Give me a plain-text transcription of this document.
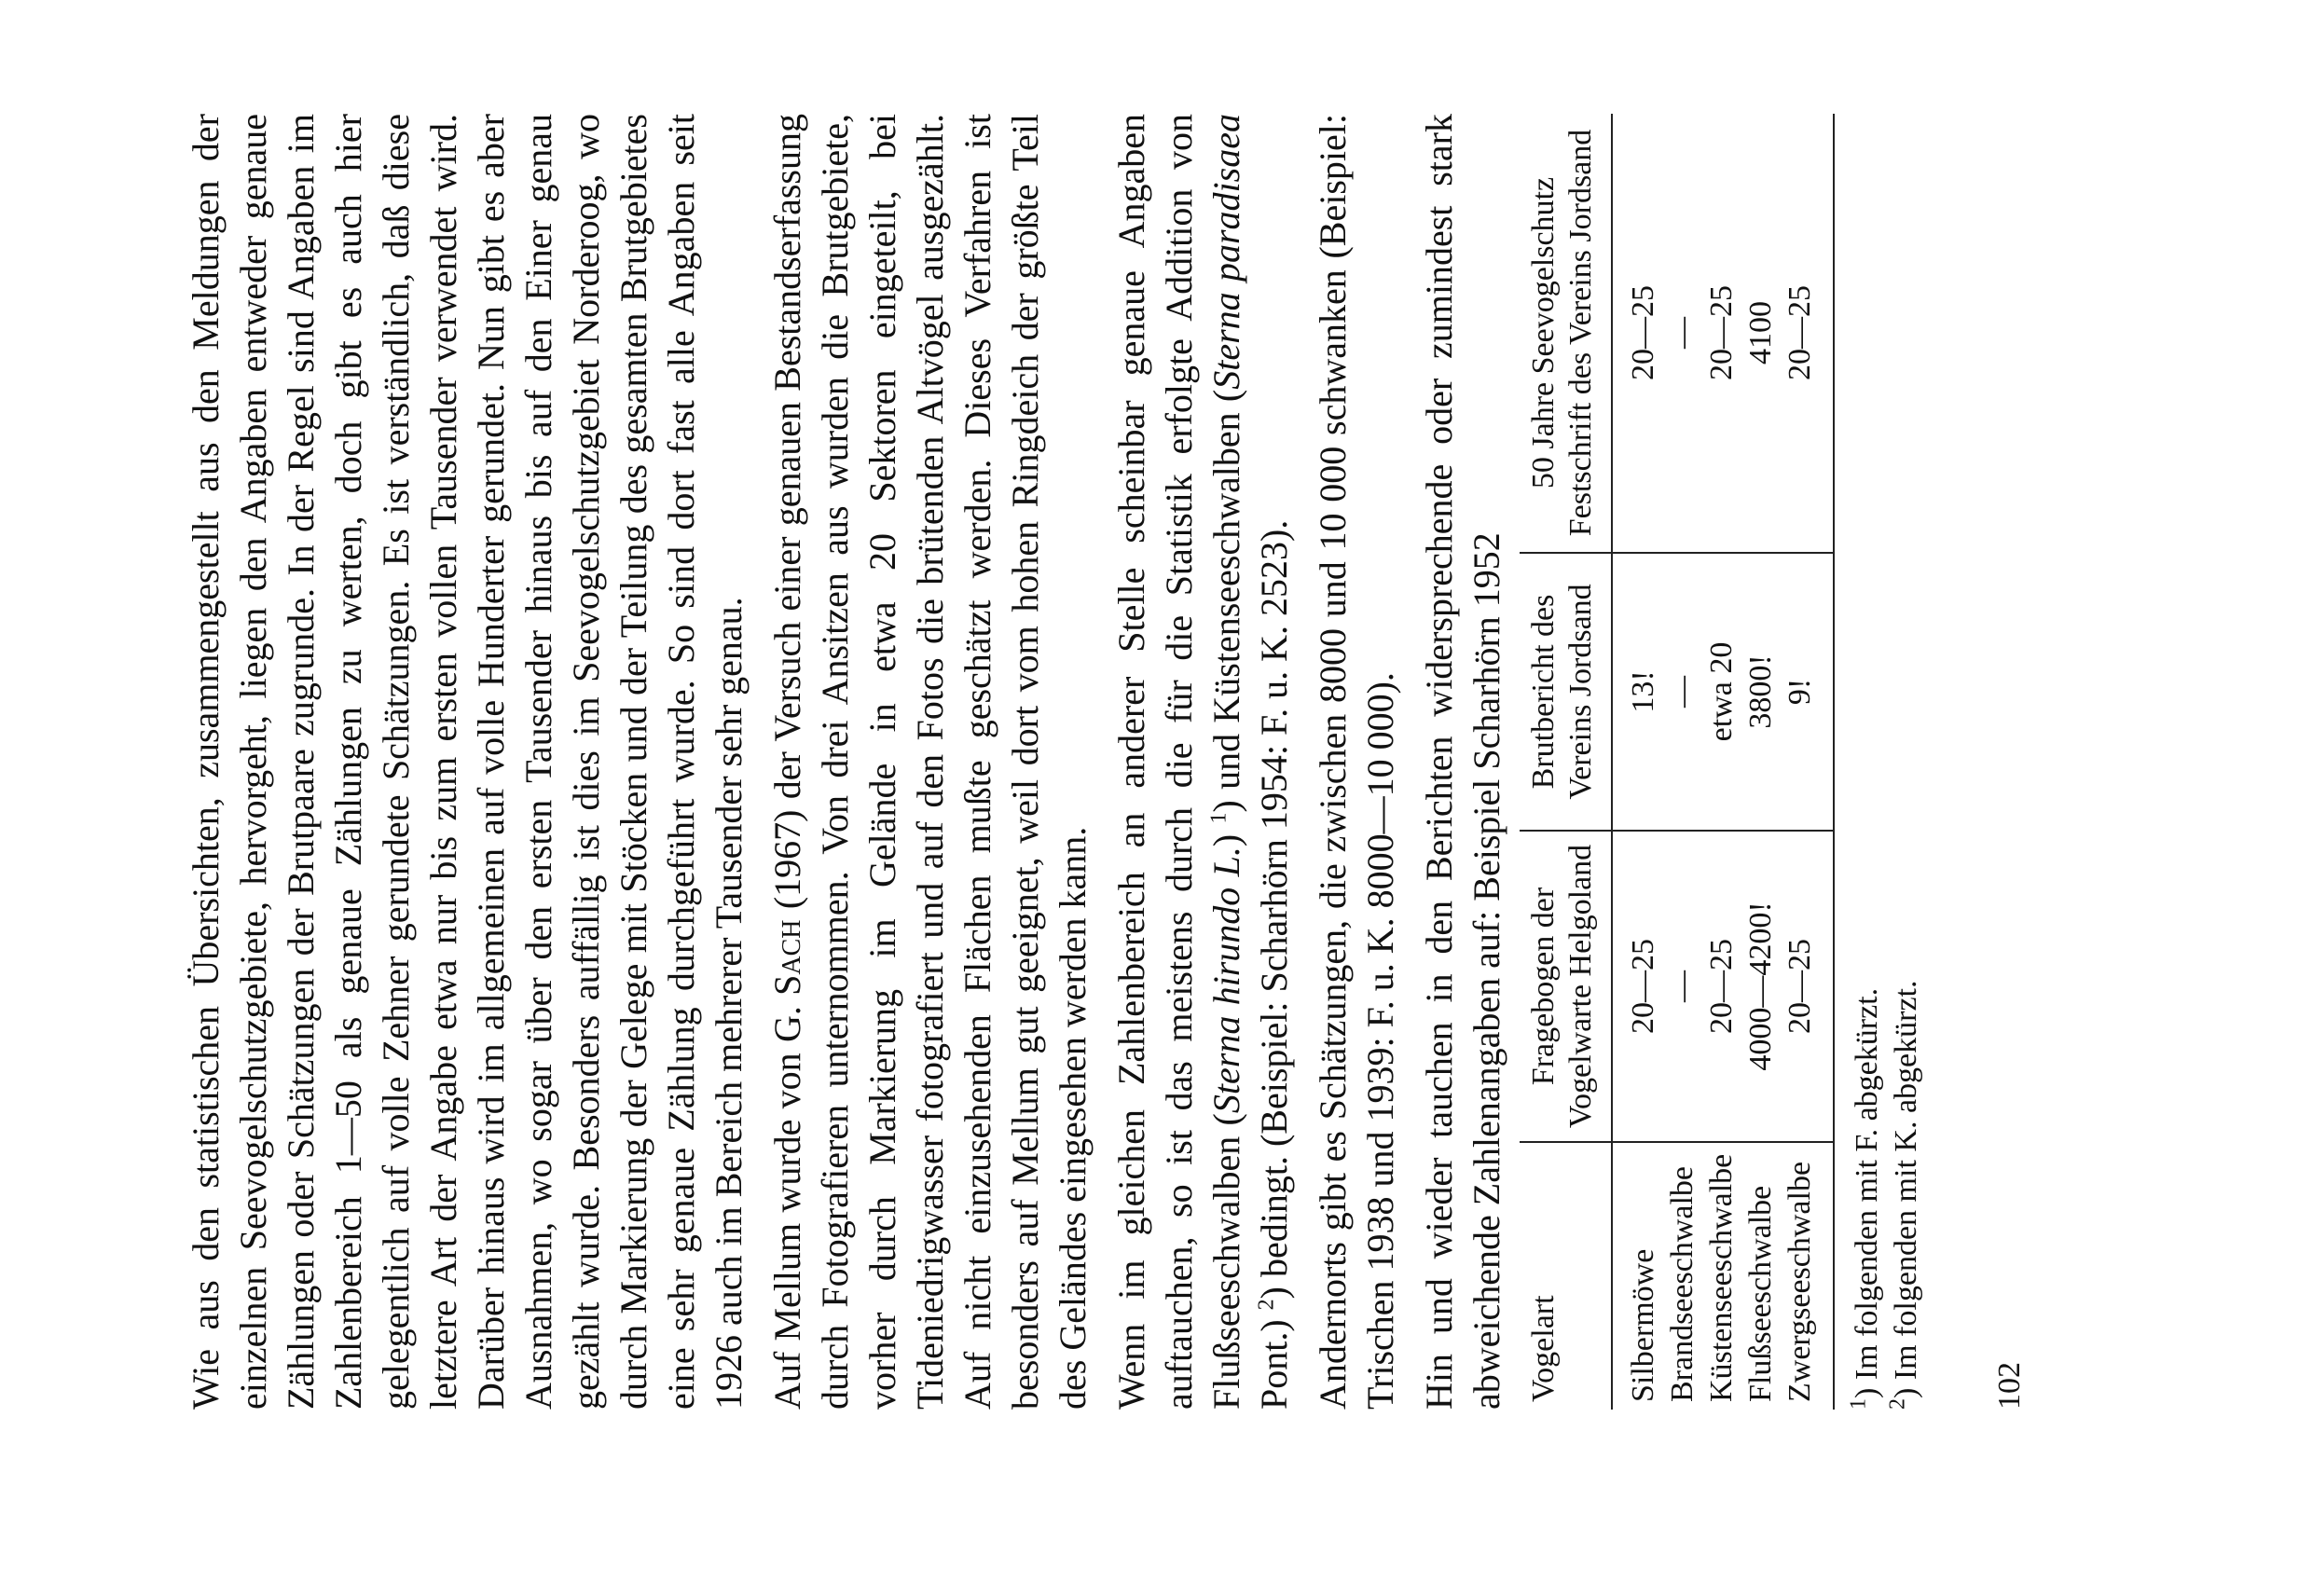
Wie aus den statistischen Übersichten, zusammengestellt aus den Meldungen der einzelnen Seevogelschutzgebiete, hervorgeht, liegen den Angaben entweder genaue Zählungen oder Schätzungen der Brutpaare zugrunde. In der Regel sind Angaben im Zahlenbereich 1—50 als genaue Zählungen zu werten, doch gibt es auch hier gelegentlich auf volle Zehner gerundete Schätzungen. Es ist verständlich, daß diese letztere Art der Angabe etwa nur bis zum ersten vollen Tausender verwendet wird. Darüber hinaus wird im allgemeinen auf volle Hunderter gerundet. Nun gibt es aber Ausnahmen, wo sogar über den ersten Tausender hinaus bis auf den Einer genau gezählt wurde. Besonders auffällig ist dies im Seevogelschutzgebiet Norderoog, wo durch Markierung der Gelege mit Stöcken und der Teilung des gesamten Brutgebietes eine sehr genaue Zählung durchgeführt wurde. So sind dort fast alle Angaben seit 1926 auch im Bereich mehrerer Tausender sehr genau. Auf Mellum wurde von G. Sach (1967) der Versuch einer genauen Bestandserfassung durch Fotografieren unternommen. Von drei Ansitzen aus wurden die Brutgebiete, vorher durch Markierung im Gelände in etwa 20 Sektoren eingeteilt, bei Tideniedrigwasser fotografiert und auf den Fotos die brütenden Altvögel ausgezählt. Auf nicht einzusehenden Flächen mußte geschätzt werden. Dieses Verfahren ist besonders auf Mellum gut geeignet, weil dort vom hohen Ringdeich der größte Teil des Geländes eingesehen werden kann. Wenn im gleichen Zahlenbereich an anderer Stelle scheinbar genaue Angaben auftauchen, so ist das meistens durch die für die Statistik erfolgte Addition von Flußseeschwalben (Sterna hirundo L.) $^1$) und Küstenseeschwalben (Sterna paradisaea Pont.) $^2$) bedingt. (Beispiel: Scharhörn 1954: F. u. K. 2523). Andernorts gibt es Schätzungen, die zwischen 8000 und 10 000 schwanken (Beispiel: Trischen 1938 und 1939: F. u. K. 8000—10 000). Hin und wieder tauchen in den Berichten widersprechende oder zumindest stark abweichende Zahlenangaben auf: Beispiel Scharhörn 1952 Vogelart	Fragebogen der Vogelwarte Helgoland	Brutbericht des Vereins Jordsand	50 Jahre Seevogelschutz Festschrift des Vereins Jordsand
Silbermöwe	20—25	13!	20—25
Brandseeschwalbe	—	—	—
Küstenseeschwalbe	20—25	etwa 20	20—25
Flußseeschwalbe	4000—4200!	3800!	4100
Zwergseeschwalbe	20—25	9!	20—25
$^1$) Im folgenden mit F. abgekürzt.
$^2$) Im folgenden mit K. abgekürzt.
102
